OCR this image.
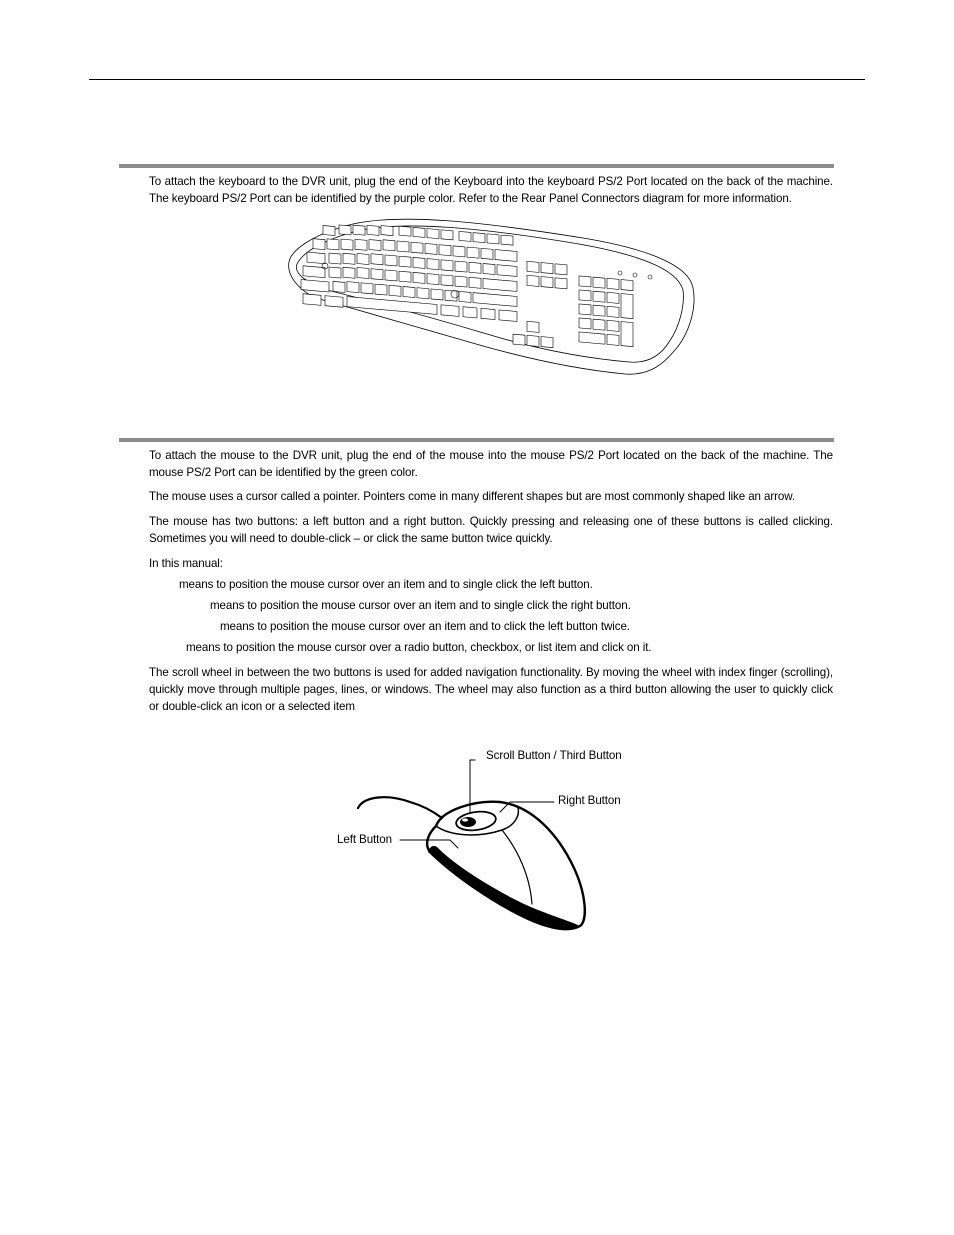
To attach the keyboard to the DVR unit, plug the end of the Keyboard into the keyboard PS/2 Port located on the back of the machine. The keyboard PS/2 Port can be identified by the purple color. Refer to the Rear Panel Connectors diagram for more information.

To attach the mouse to the DVR unit, plug the end of the mouse into the mouse PS/2 Port located on the back of the machine. The mouse PS/2 Port can be identified by the green color.

The mouse uses a cursor called a pointer. Pointers come in many different shapes but are most commonly shaped like an arrow.

The mouse has two buttons: a left button and a right button. Quickly pressing and releasing one of these buttons is called clicking. Sometimes you will need to double-click – or click the same button twice quickly.

In this manual:

means to position the mouse cursor over an item and to single click the left button.
means to position the mouse cursor over an item and to single click the right button.
means to position the mouse cursor over an item and to click the left button twice.
means to position the mouse cursor over a radio button, checkbox, or list item and click on it.

The scroll wheel in between the two buttons is used for added navigation functionality. By moving the wheel with index finger (scrolling), quickly move through multiple pages, lines, or windows. The wheel may also function as a third button allowing the user to quickly click or double-click an icon or a selected item

Scroll Button / Third Button
Right Button
Left Button
